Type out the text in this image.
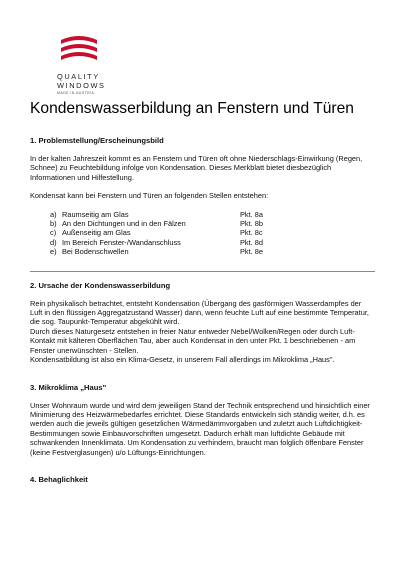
QUALITY
WINDOWS
MADE IN AUSTRIA
Kondenswasserbildung an Fenstern und Türen
1. Problemstellung/Erscheinungsbild

In der kalten Jahreszeit kommt es an Fenstern und Türen oft ohne Niederschlags-Einwirkung (Regen, Schnee) zu Feuchtebildung infolge von Kondensation. Dieses Merkblatt bietet diesbezüglich Informationen und Hilfestellung.

Kondensat kann bei Fenstern und Türen an folgenden Stellen entstehen:

a)	Raumseitig am Glas	Pkt. 8a
b)	An den Dichtungen und in den Fälzen	Pkt. 8b
c)	Außenseitig am Glas	Pkt. 8c
d)	Im Bereich Fenster-/Wandanschluss	Pkt. 8d
e)	Bei Bodenschwellen	Pkt. 8e
2. Ursache der Kondenswasserbildung

Rein physikalisch betrachtet, entsteht Kondensation (Übergang des gasförmigen Wasserdampfes der Luft in den flüssigen Aggregatzustand Wasser) dann, wenn feuchte Luft auf eine bestimmte Temperatur, die sog. Taupunkt-Temperatur abgekühlt wird.

Durch dieses Naturgesetz entstehen in freier Natur entweder Nebel/Wolken/Regen oder durch Luft-Kontakt mit kälteren Oberflächen Tau, aber auch Kondensat in den unter Pkt. 1 beschriebenen - am Fenster unerwünschten - Stellen.

Kondensatbildung ist also ein Klima-Gesetz, in unserem Fall allerdings im Mikroklima „Haus".

3. Mikroklima „Haus"

Unser Wohnraum wurde und wird dem jeweiligen Stand der Technik entsprechend und hinsichtlich einer Minimierung des Heizwärmebedarfes errichtet. Diese Standards entwickeln sich ständig weiter, d.h. es werden auch die jeweils gültigen gesetzlichen Wärmedämmvorgaben und zuletzt auch Luftdichtigkeit-Bestimmungen sowie Einbauvorschriften umgesetzt. Dadurch erhält man luftdichte Gebäude mit schwankenden Innenklimata. Um Kondensation zu verhindern, braucht man folglich öffenbare Fenster (keine Festverglasungen) u/o Lüftungs-Einrichtungen.

4. Behaglichkeit
